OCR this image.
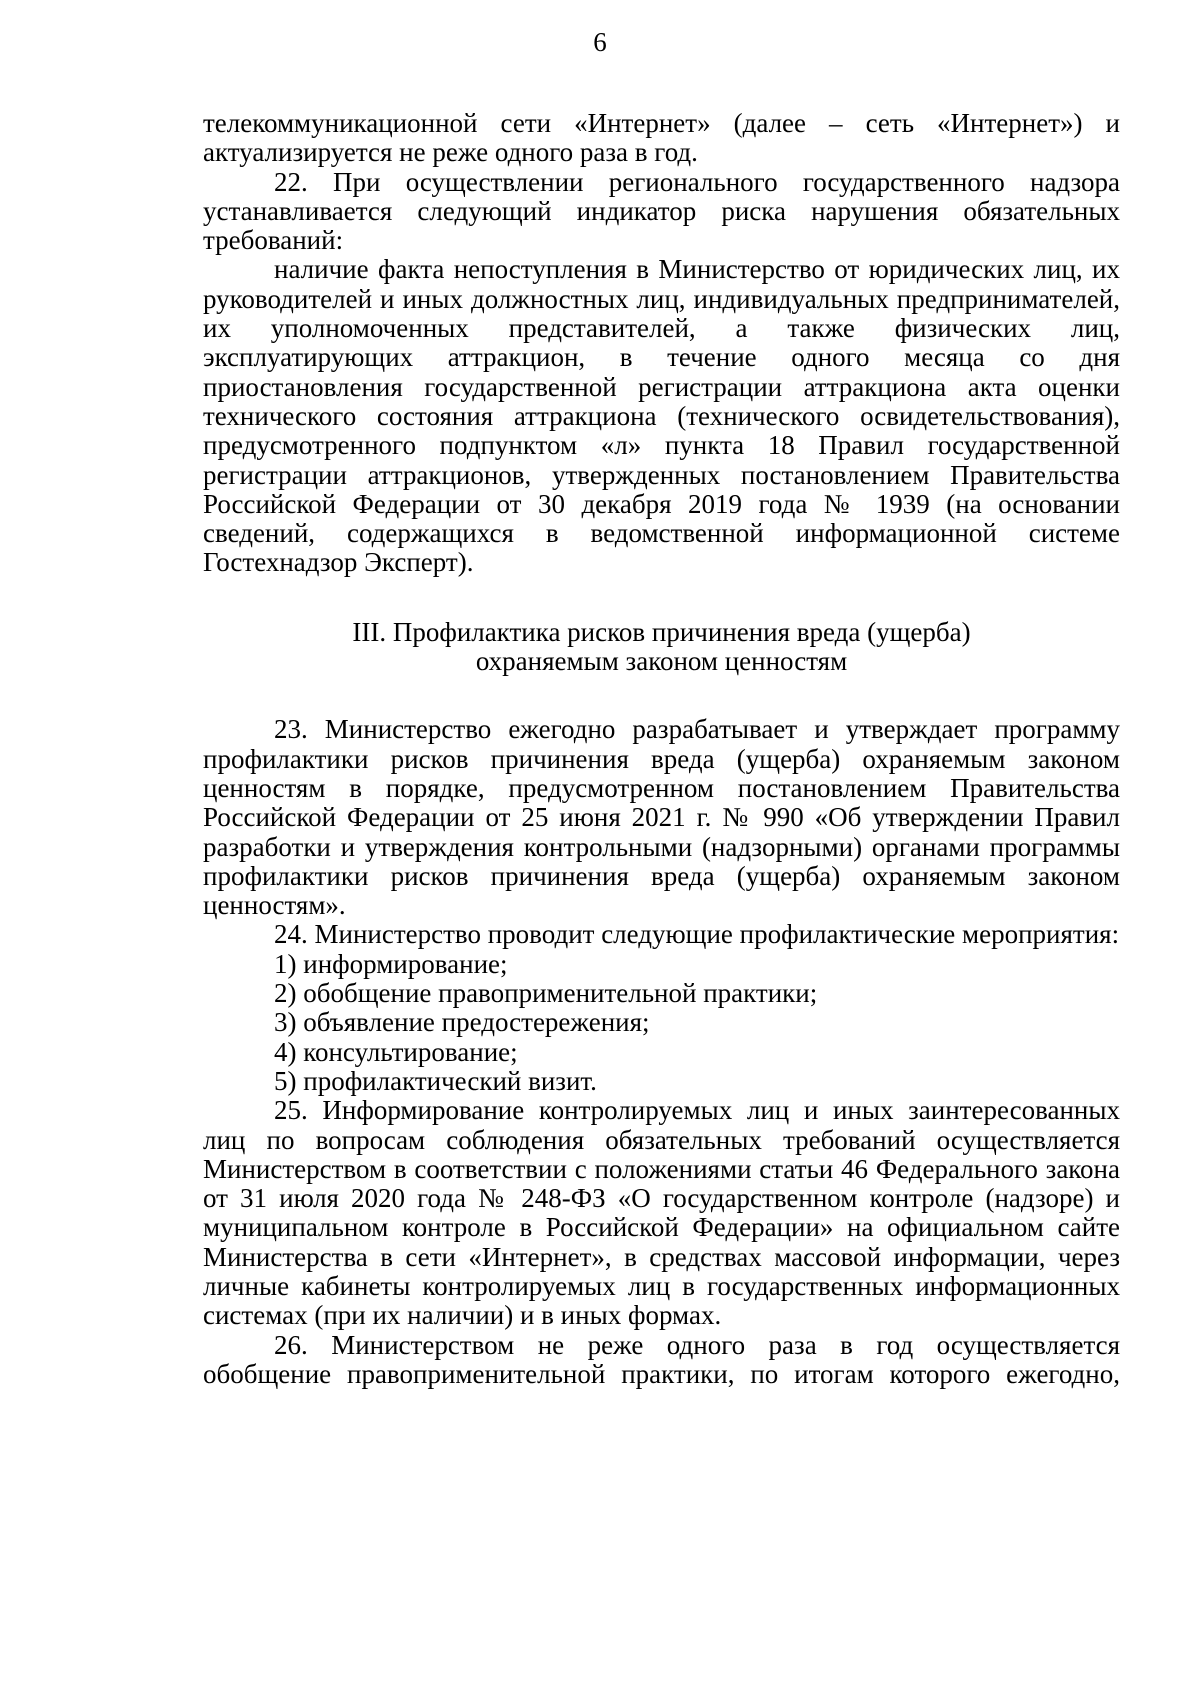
6

телекоммуникационной сети «Интернет» (далее – сеть «Интернет») и актуализируется не реже одного раза в год.

22. При осуществлении регионального государственного надзора устанавливается следующий индикатор риска нарушения обязательных требований:

наличие факта непоступления в Министерство от юридических лиц, их руководителей и иных должностных лиц, индивидуальных предпринимателей, их уполномоченных представителей, а также физических лиц, эксплуатирующих аттракцион, в течение одного месяца со дня приостановления государственной регистрации аттракциона акта оценки технического состояния аттракциона (технического освидетельствования), предусмотренного подпунктом «л» пункта 18 Правил государственной регистрации аттракционов, утвержденных постановлением Правительства Российской Федерации от 30 декабря 2019 года № 1939 (на основании сведений, содержащихся в ведомственной информационной системе Гостехнадзор Эксперт).

III. Профилактика рисков причинения вреда (ущерба)
охраняемым законом ценностям

23. Министерство ежегодно разрабатывает и утверждает программу профилактики рисков причинения вреда (ущерба) охраняемым законом ценностям в порядке, предусмотренном постановлением Правительства Российской Федерации от 25 июня 2021 г. № 990 «Об утверждении Правил разработки и утверждения контрольными (надзорными) органами программы профилактики рисков причинения вреда (ущерба) охраняемым законом ценностям».

24. Министерство проводит следующие профилактические мероприятия:

1) информирование;

2) обобщение правоприменительной практики;

3) объявление предостережения;

4) консультирование;

5) профилактический визит.

25. Информирование контролируемых лиц и иных заинтересованных лиц по вопросам соблюдения обязательных требований осуществляется Министерством в соответствии с положениями статьи 46 Федерального закона от 31 июля 2020 года № 248-ФЗ «О государственном контроле (надзоре) и муниципальном контроле в Российской Федерации» на официальном сайте Министерства в сети «Интернет», в средствах массовой информации, через личные кабинеты контролируемых лиц в государственных информационных системах (при их наличии) и в иных формах.

26. Министерством не реже одного раза в год осуществляется обобщение правоприменительной практики, по итогам которого ежегодно,
